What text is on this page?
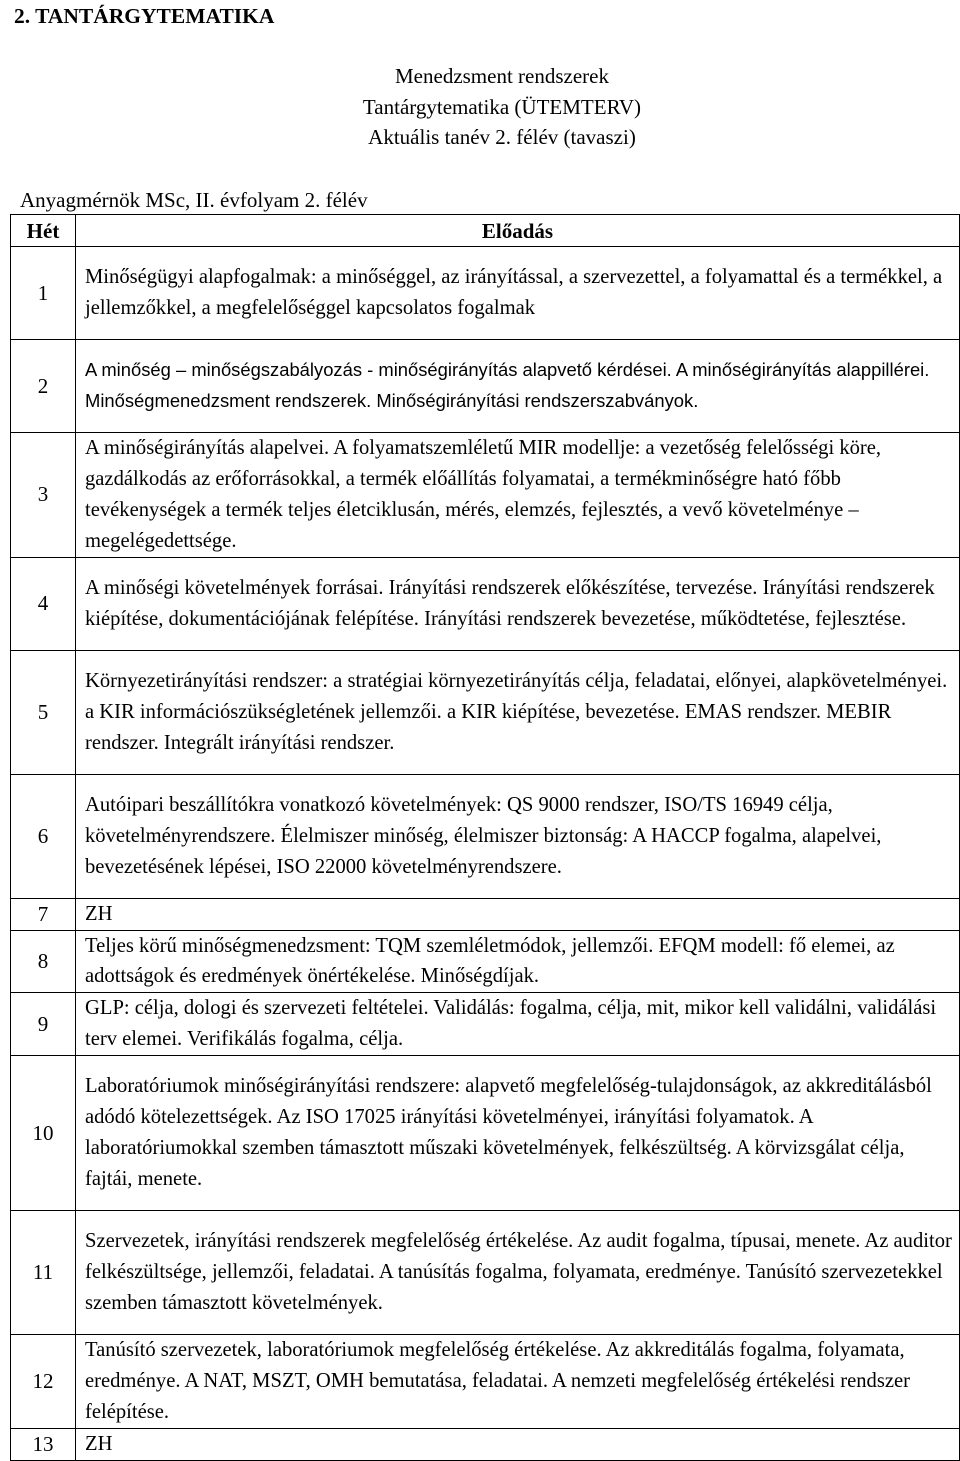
2. TANTÁRGYTEMATIKA
Menedzsment rendszerek
Tantárgytematika (ÜTEMTERV)
Aktuális tanév 2. félév (tavaszi)
Anyagmérnök MSc, II. évfolyam 2. félév
Hét	Előadás
1	Minőségügyi alapfogalmak: a minőséggel, az irányítással, a szervezettel, a folyamattal és a termékkel, a jellemzőkkel, a megfelelőséggel kapcsolatos fogalmak
2	A minőség – minőségszabályozás - minőségirányítás alapvető kérdései. A minőségirányítás alappillérei. Minőségmenedzsment rendszerek. Minőségirányítási rendszerszabványok.
3	A minőségirányítás alapelvei. A folyamatszemléletű MIR modellje: a vezetőség felelősségi köre, gazdálkodás az erőforrásokkal, a termék előállítás folyamatai, a termékminőségre ható főbb tevékenységek a termék teljes életciklusán, mérés, elemzés, fejlesztés, a vevő követelménye – megelégedettsége.
4	A minőségi követelmények forrásai. Irányítási rendszerek előkészítése, tervezése. Irányítási rendszerek kiépítése, dokumentációjának felépítése. Irányítási rendszerek bevezetése, működtetése, fejlesztése.
5	Környezetirányítási rendszer: a stratégiai környezetirányítás célja, feladatai, előnyei, alapkövetelményei. a KIR információszükségletének jellemzői. a KIR kiépítése, bevezetése. EMAS rendszer. MEBIR rendszer. Integrált irányítási rendszer.
6	Autóipari beszállítókra vonatkozó követelmények: QS 9000 rendszer, ISO/TS 16949 célja, követelményrendszere. Élelmiszer minőség, élelmiszer biztonság: A HACCP fogalma, alapelvei, bevezetésének lépései, ISO 22000 követelményrendszere.
7	ZH
8	Teljes körű minőségmenedzsment: TQM szemléletmódok, jellemzői. EFQM modell: fő elemei, az adottságok és eredmények önértékelése. Minőségdíjak.
9	GLP: célja, dologi és szervezeti feltételei. Validálás: fogalma, célja, mit, mikor kell validálni, validálási terv elemei. Verifikálás fogalma, célja.
10	Laboratóriumok minőségirányítási rendszere: alapvető megfelelőség-tulajdonságok, az akkreditálásból adódó kötelezettségek. Az ISO 17025 irányítási követelményei, irányítási folyamatok. A laboratóriumokkal szemben támasztott műszaki követelmények, felkészültség. A körvizsgálat célja, fajtái, menete.
11	Szervezetek, irányítási rendszerek megfelelőség értékelése. Az audit fogalma, típusai, menete. Az auditor felkészültsége, jellemzői, feladatai. A tanúsítás fogalma, folyamata, eredménye. Tanúsító szervezetekkel szemben támasztott követelmények.
12	Tanúsító szervezetek, laboratóriumok megfelelőség értékelése. Az akkreditálás fogalma, folyamata, eredménye. A NAT, MSZT, OMH bemutatása, feladatai. A nemzeti megfelelőség értékelési rendszer felépítése.
13	ZH
